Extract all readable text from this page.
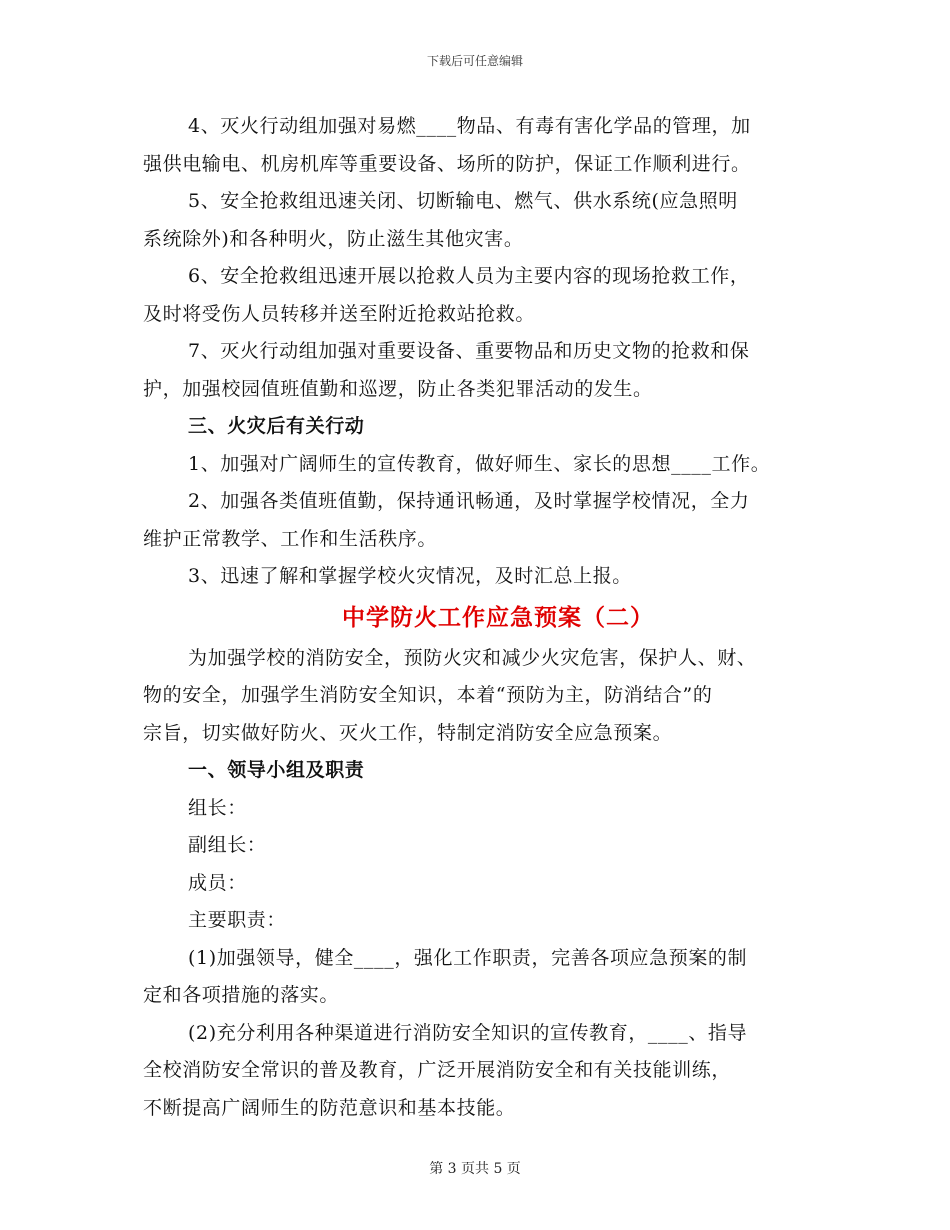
下载后可任意编辑

4、灭火行动组加强对易燃____物品、有毒有害化学品的管理，加
强供电输电、机房机库等重要设备、场所的防护，保证工作顺利进行。

5、安全抢救组迅速关闭、切断输电、燃气、供水系统(应急照明
系统除外)和各种明火，防止滋生其他灾害。

6、安全抢救组迅速开展以抢救人员为主要内容的现场抢救工作，
及时将受伤人员转移并送至附近抢救站抢救。

7、灭火行动组加强对重要设备、重要物品和历史文物的抢救和保
护，加强校园值班值勤和巡逻，防止各类犯罪活动的发生。

三、火灾后有关行动

1、加强对广阔师生的宣传教育，做好师生、家长的思想____工作。

2、加强各类值班值勤，保持通讯畅通，及时掌握学校情况，全力
维护正常教学、工作和生活秩序。

3、迅速了解和掌握学校火灾情况，及时汇总上报。

中学防火工作应急预案（二）

为加强学校的消防安全，预防火灾和减少火灾危害，保护人、财、
物的安全，加强学生消防安全知识，本着“预防为主，防消结合”的
宗旨，切实做好防火、灭火工作，特制定消防安全应急预案。

一、领导小组及职责

组长：

副组长：

成员：

主要职责：

(1)加强领导，健全____，强化工作职责，完善各项应急预案的制
定和各项措施的落实。

(2)充分利用各种渠道进行消防安全知识的宣传教育，____、指导
全校消防安全常识的普及教育，广泛开展消防安全和有关技能训练，
不断提高广阔师生的防范意识和基本技能。

第 3 页共 5 页
